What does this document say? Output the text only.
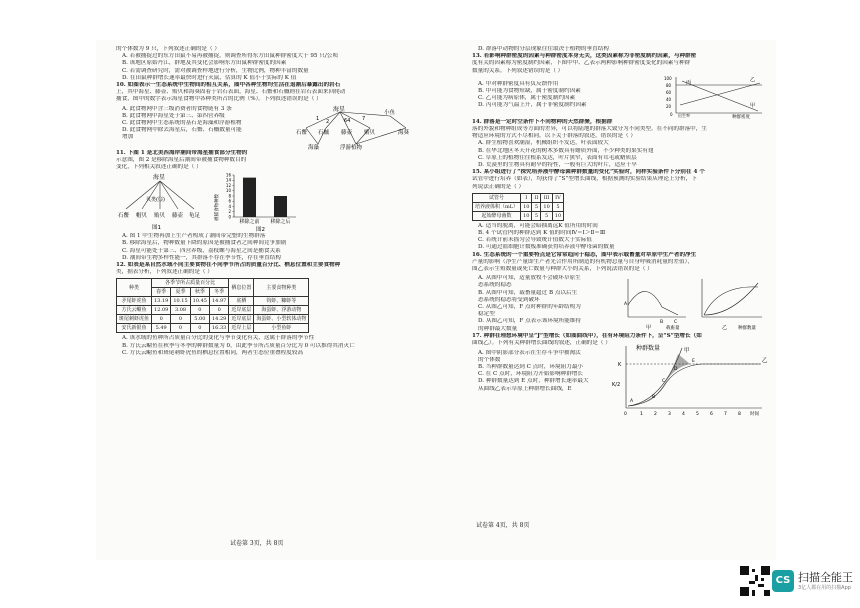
的个体数为 9 只，下列叙述正确的是（ ）
A. 若被捕捉过的东方田鼠不易再被捕捉，则调查所得东方田鼠种群密度大于 95 只/公顷
B. 该地区原始丹江，群地及其变化会影响东方田鼠种群密度的因素
C. 若需调查研究时，需对被调查样地进行分析，生物比例，物种丰富的数量
D. 在田鼠种群增长速率最快时进行灭鼠，估算的 K 值小于实际的 K 值
10. 如图表示一生态系统中生物间的相互关系，图中各种生物均生活在退潮后暴露出的岩石
上，其中海星、藤壶、贻贝和海葵固着于岩石表面，海星、石鳖和石槭则在岩石表面来回爬动
捕食，图中的数字表示海星食物中各种类所占的比例（%）。下列叙述错误的是（ ）
A. 此食物网中含三级消费者的食物链有 3 条
B. 此食物网中海星处于第三、第四营养级
C. 此食物网中生态系统的基石是海藻和浮游植物
D. 此食物网中除去海星后，石鳖、石槭数量可能
增加
海星
石鳖 石槭 藤壶 贻贝
小鱼
海葵
浮游植物
海藻
64
1 2	7
11. 下图 1 是北美西海岸潮间带海星捕食部分生物的
示意图，图 2 是移除海星后潮间带被捕食物种数目的
变化，下列相关叙述正确的是（ ）
海星
贝类(鬃)
石鳖 帽贝 贻贝 藤壶 龟足
图1
0
2
4
6
8
10
12
14
16
移除之前 移除之后
被捕食物种数
图2
A. 图 1 中生物再加上生产者构成了潮间带完整的生物群落
B. 移除海星后，物种数量下降的原因是被捕食者之间种间竞争加剧
C. 海星可能处于第三、四营养级，荔枝螺与海星之间是捕食关系
D. 潮间带生物多样性能一，其群落不存在季节性，存在垂直结构
12. 如表是某自然水域不同主要食物在不同季节所占的质量百分比、栖息位置和主要食物种
类，据表分析，下列叙述正确的是（ ）
种类	各季节所占质量百分比				栖息位置	主要食物种类
	春季	夏季	秋季	冬季		
矛尾虾虎鱼	13.19	10.15	10.45	14.97	底栖	钩虾、糠虾等
方氏云鳚鱼	12.09	3.08	0	0	近岸底层	海蛋虾、浮游动物
斑尾刺虾虎鱼	0	0	5.00	14.29	近岸底层	海蛋虾、小型软体动物
安氏新银鱼	5.49	0	0	16.33	近岸上层	小型鱼虾
A. 该水域的鱼种所占质量百分比的变化与季节变化有关，这属于群落的季节性
B. 方氏云鳚鱼在秋季与冬季的种群数量为 0，由此季节所占质量百分比为 0 可以推得其消灭亡
C. 方氏云鳚鱼和斑尾刺虾虎鱼的栖息位置相同，两者生态位重叠程度较高
试卷第 3页，共 8页
D. 群落中动物的分层现象往往取决于植物的垂直结构
13. 若影响种群密度的因素与种群密度本身无关，这类因素称为非密度制约因素，与种群密
度有关的因素称为密度制约因素，下图中甲、乙表示两种影响种群密度变化的因素与种群
数量的关系。下列叙述错误的是（ ）
A. 甲对种群密度具有负反馈作用
B. 甲可能为食物短缺，属于密度制约因素
C. 乙可能为病原体，属于密度制约因素
D. 丙可能为气温上升，属于非密度制约因素
丙	乙
甲
100
80
60
40
20
0
种群密度
出生率
14. 群落是一定时空条件下不同物种的天然群聚，根据群
落的外貌和物种组成等方面的差异，可以将陆地的群落大致分为不同类型。在不同的群落中，生
物适应环境的方式不尽相同。以下关于群落的叙述，错误的是（ ）
A. 群生植物喜欢潮湿，机械组织不发达，叶表面较大
B. 在华北地区冬天开花的树木多数具有蜡质外面，不少种类的果实有翅
C. 草原上的植物往往根系发达，叶片狭窄，表面有茸毛或蜡质层
D. 荒漠里的生物具有耐旱的特性，一般有巨大的叶片，适应干旱
15. 某小组进行了“探究培养液中酵母菌种群数量的变化”实验时，同样实验条件下分别在 4 个
试管中进行培养（如表），均获得了“S”型增长曲线，根据预测的实验结果从理论上分析，下
列说法正确的是（ ）
试管号	I	II	III	IV
培养液体积（mL）	10	5	10	5
起始酵母菌数	10	5	5	10
A. 适当的脱离，可能会暗抽离远K 值所用的时间
B. 4 个试管内的种群达到 K 值的时间Ⅳ＝Ⅰ＞Ⅱ＝Ⅲ
C. 若统计前未摇匀会导致统计值数大于实际值
D. 可通过血细胞计数板准确获得培养液中酵母菌的数量
16. 生态系统的一个重要特点是它常常趋向于稳态，图甲表示载畜量对草原中生产者的净生
产量的影响（净生产量即生产者光合作用所制造的有机物总量与自身呼吸消耗量的差值），
图乙表示生殖数量或死亡数量与种群大小的关系，下列说法错误的是（ ）
A. 从图甲可知，适量放牧不会破坏草原生
态系统的稳态
B. 从图甲可知，载畜量超过 B 点以后生
态系统的稳态将受到破坏
C. 从图乙可知，F 点时种群的年龄结构为
稳定型
D. 从图乙可知，F 点表示该环境所能维持
的种群最大数量
A
B C
载畜量
甲	种群数量
乙
17. 种群在理想环境中呈“J”型增长（如图曲线甲），在有环境阻力条件下，呈“S”型增长（如
曲线乙）。下列有关种群增长曲线的叙述，正确的是（ ）
A. 图中阴影部分表示在生存斗争中被淘汰
的个体数
B. 当种群数量达到 C 点时，环境阻力最小
C. 在 C 点时，环境阻力开始影响种群增长
D. 种群数量达到 E 点时，种群增长速率最大
从曲线乙表示草原上种群增长曲线，E
种群数量	甲
乙
K
K/2
A
B
C
D
E
0	1 2 3 4 5 6 7 8 时间
试卷第 4页，共 8页
CS 扫描全能王
3亿人都在用的扫描App
